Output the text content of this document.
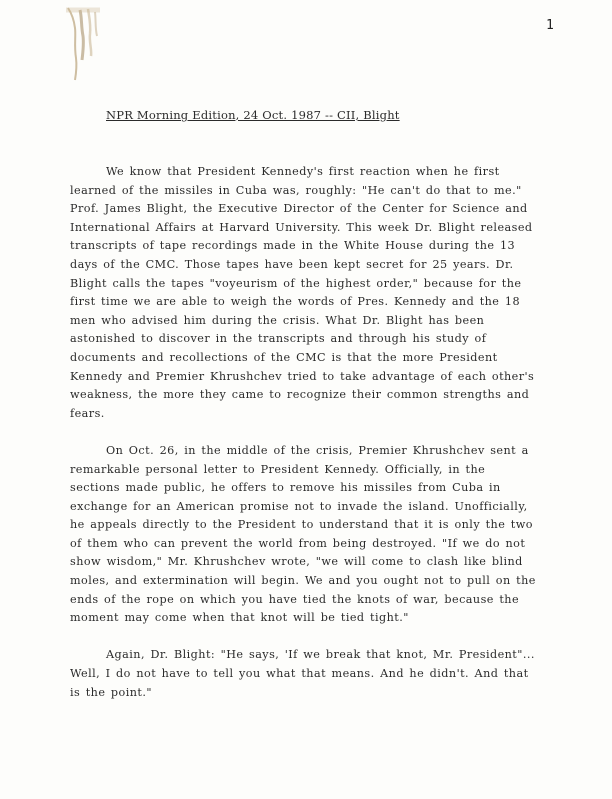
1
NPR Morning Edition, 24 Oct. 1987 -- CII, Blight

We know that President Kennedy's first reaction when he first learned of the missiles in Cuba was, roughly: "He can't do that to me." Prof. James Blight, the Executive Director of the Center for Science and International Affairs at Harvard University. This week Dr. Blight released transcripts of tape recordings made in the White House during the 13 days of the CMC. Those tapes have been kept secret for 25 years. Dr. Blight calls the tapes "voyeurism of the highest order," because for the first time we are able to weigh the words of Pres. Kennedy and the 18 men who advised him during the crisis. What Dr. Blight has been astonished to discover in the transcripts and through his study of documents and recollections of the CMC is that the more President Kennedy and Premier Khrushchev tried to take advantage of each other's weakness, the more they came to recognize their common strengths and fears.

On Oct. 26, in the middle of the crisis, Premier Khrushchev sent a remarkable personal letter to President Kennedy. Officially, in the sections made public, he offers to remove his missiles from Cuba in exchange for an American promise not to invade the island. Unofficially, he appeals directly to the President to understand that it is only the two of them who can prevent the world from being destroyed. "If we do not show wisdom," Mr. Khrushchev wrote, "we will come to clash like blind moles, and extermination will begin. We and you ought not to pull on the ends of the rope on which you have tied the knots of war, because the moment may come when that knot will be tied tight."

Again, Dr. Blight: "He says, 'If we break that knot, Mr. President"... Well, I do not have to tell you what that means. And he didn't. And that is the point."
